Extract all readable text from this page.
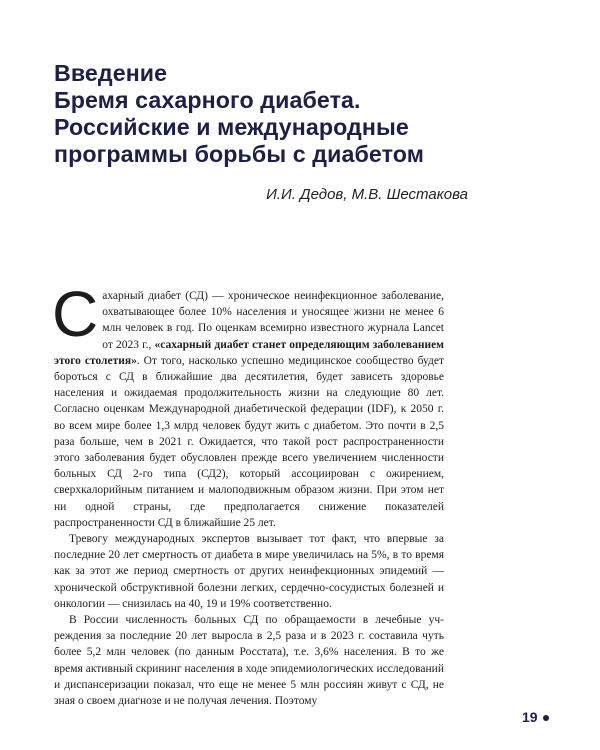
Введение
Бремя сахарного диабета.
Российские и международные
программы борьбы с диабетом
И.И. Дедов, М.В. Шестакова

Сахарный диабет (СД) — хроническое неинфекционное заболевание, охватывающее более 10% населения и уносящее жизни не менее 6 млн человек в год. По оценкам всемирно известного журнала Lancet от 2023 г., «сахарный диабет станет определяющим заболеванием этого столетия». От того, насколько успешно медицинское сообщество будет бороться с СД в ближайшие два десятилетия, будет зависеть здоровье населения и ожидаемая продолжительность жизни на следующие 80 лет. Согласно оценкам Международной диабетической федерации (IDF), к 2050 г. во всем мире более 1,3 млрд человек будут жить с диабетом. Это почти в 2,5 раза больше, чем в 2021 г. Ожидается, что такой рост распространенности этого заболевания будет обусловлен прежде всего увеличением численности больных СД 2-го типа (СД2), который ассоциирован с ожирением, сверхкалорийным питанием и малоподвижным образом жизни. При этом нет ни одной страны, где предполагается снижение показателей распространенности СД в ближайшие 25 лет.

Тревогу международных экспертов вызывает тот факт, что впервые за последние 20 лет смертность от диабета в мире увеличилась на 5%, в то время как за этот же период смертность от других неинфекционных эпидемий — хронической обструктивной болезни легких, сердечно-сосудистых болезней и онкологии — снизилась на 40, 19 и 19% соответственно.

В России численность больных СД по обращаемости в лечебные учреждения за последние 20 лет выросла в 2,5 раза и в 2023 г. составила чуть более 5,2 млн человек (по данным Росстата), т.е. 3,6% населения. В то же время активный скрининг населения в ходе эпидемиологических исследований и диспансеризации показал, что еще не менее 5 млн россиян живут с СД, не зная о своем диагнозе и не получая лечения. Поэтому

19
